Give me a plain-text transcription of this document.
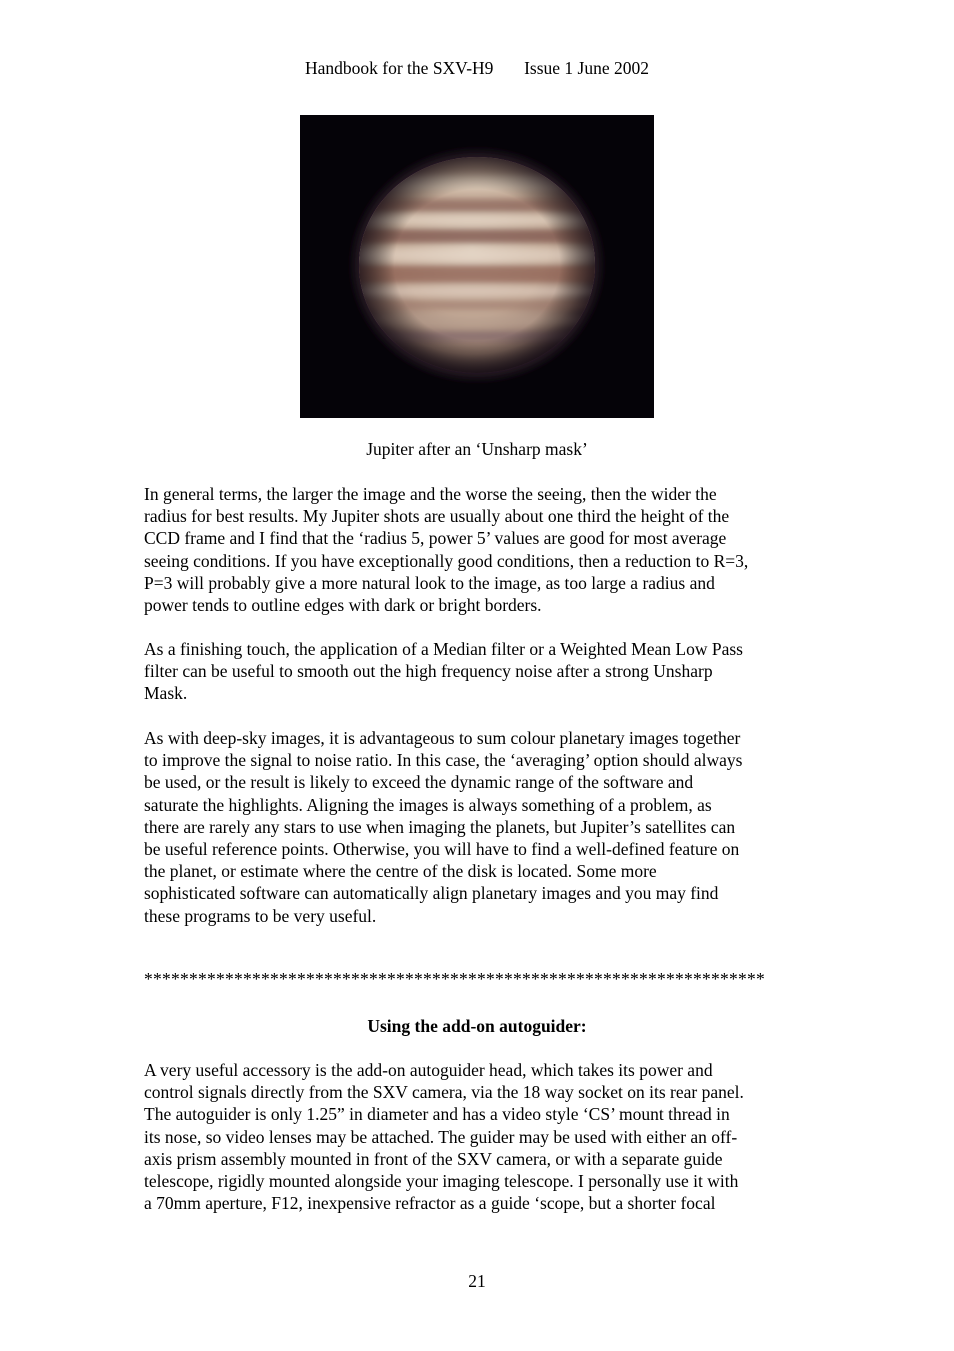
Handbook for the SXV-H9 Issue 1 June 2002
Jupiter after an ‘Unsharp mask’
In general terms, the larger the image and the worse the seeing, then the wider the
radius for best results. My Jupiter shots are usually about one third the height of the
CCD frame and I find that the ‘radius 5, power 5’ values are good for most average
seeing conditions. If you have exceptionally good conditions, then a reduction to R=3,
P=3 will probably give a more natural look to the image, as too large a radius and
power tends to outline edges with dark or bright borders.
As a finishing touch, the application of a Median filter or a Weighted Mean Low Pass
filter can be useful to smooth out the high frequency noise after a strong Unsharp
Mask.
As with deep-sky images, it is advantageous to sum colour planetary images together
to improve the signal to noise ratio. In this case, the ‘averaging’ option should always
be used, or the result is likely to exceed the dynamic range of the software and
saturate the highlights. Aligning the images is always something of a problem, as
there are rarely any stars to use when imaging the planets, but Jupiter’s satellites can
be useful reference points. Otherwise, you will have to find a well-defined feature on
the planet, or estimate where the centre of the disk is located. Some more
sophisticated software can automatically align planetary images and you may find
these programs to be very useful.
*********************************************************************
Using the add-on autoguider:
A very useful accessory is the add-on autoguider head, which takes its power and
control signals directly from the SXV camera, via the 18 way socket on its rear panel.
The autoguider is only 1.25” in diameter and has a video style ‘CS’ mount thread in
its nose, so video lenses may be attached. The guider may be used with either an off-
axis prism assembly mounted in front of the SXV camera, or with a separate guide
telescope, rigidly mounted alongside your imaging telescope. I personally use it with
a 70mm aperture, F12, inexpensive refractor as a guide ‘scope, but a shorter focal
21
